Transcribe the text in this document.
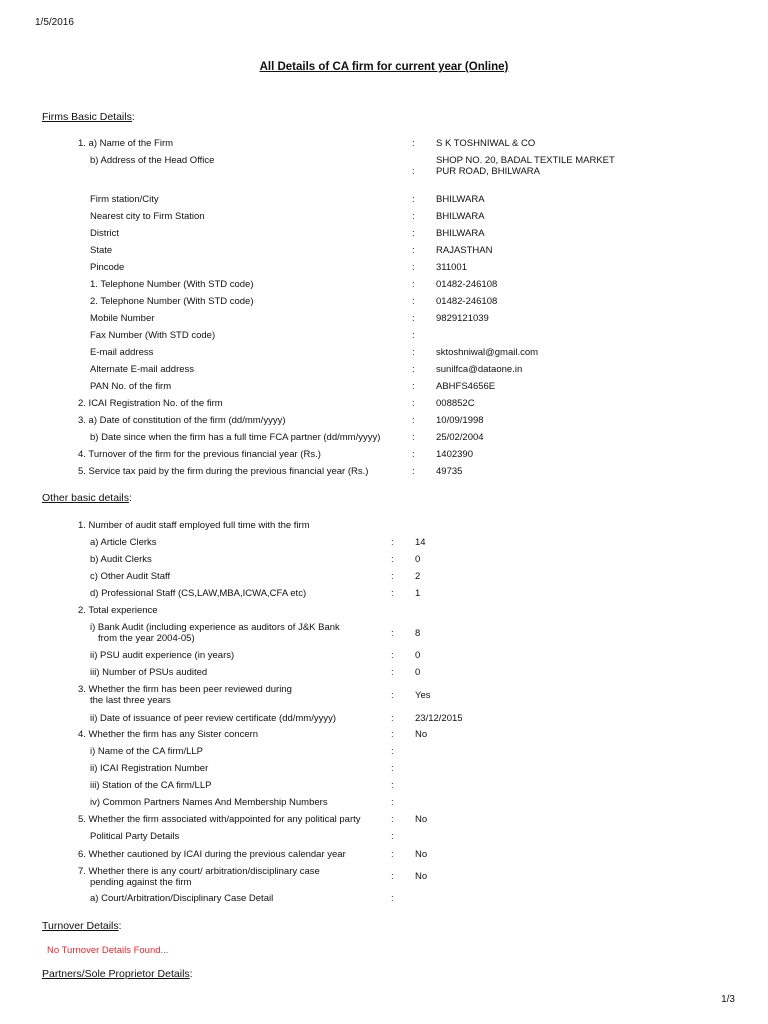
1/5/2016
All Details of CA firm for current year (Online)
Firms Basic Details:
1. a) Name of the Firm	:	S K TOSHNIWAL & CO
b) Address of the Head Office
:
SHOP NO. 20, BADAL TEXTILE MARKET
PUR ROAD, BHILWARA
Firm station/City	:	BHILWARA
Nearest city to Firm Station	:	BHILWARA
District	:	BHILWARA
State	:	RAJASTHAN
Pincode	:	311001
1. Telephone Number (With STD code)	:	01482-246108
2. Telephone Number (With STD code)	:	01482-246108
Mobile Number	:	9829121039
Fax Number (With STD code)	:
E-mail address	:	sktoshniwal@gmail.com
Alternate E-mail address	:	sunilfca@dataone.in
PAN No. of the firm	:	ABHFS4656E
2. ICAI Registration No. of the firm	:	008852C
3. a) Date of constitution of the firm (dd/mm/yyyy)	:	10/09/1998
b) Date since when the firm has a full time FCA partner (dd/mm/yyyy)	:	25/02/2004
4. Turnover of the firm for the previous financial year (Rs.)	:	1402390
5. Service tax paid by the firm during the previous financial year (Rs.)	:	49735
Other basic details:
1. Number of audit staff employed full time with the firm
a) Article Clerks	:	14
b) Audit Clerks	:	0
c) Other Audit Staff	:	2
d) Professional Staff (CS,LAW,MBA,ICWA,CFA etc)	:	1
2. Total experience
i) Bank Audit (including experience as auditors of J&K Bank
from the year 2004-05)	:	8
ii) PSU audit experience (in years)	:	0
iii) Number of PSUs audited	:	0
3. Whether the firm has been peer reviewed during
the last three years	:	Yes
ii) Date of issuance of peer review certificate (dd/mm/yyyy)	:	23/12/2015
4. Whether the firm has any Sister concern	:	No
i) Name of the CA firm/LLP	:
ii) ICAI Registration Number	:
iii) Station of the CA firm/LLP	:
iv) Common Partners Names And Membership Numbers	:
5. Whether the firm associated with/appointed for any political party	:	No
Political Party Details	:
6. Whether cautioned by ICAI during the previous calendar year	:	No
7. Whether there is any court/ arbitration/disciplinary case
pending against the firm
:	No
a) Court/Arbitration/Disciplinary Case Detail	:
Turnover Details:
No Turnover Details Found...
Partners/Sole Proprietor Details:
1/3
